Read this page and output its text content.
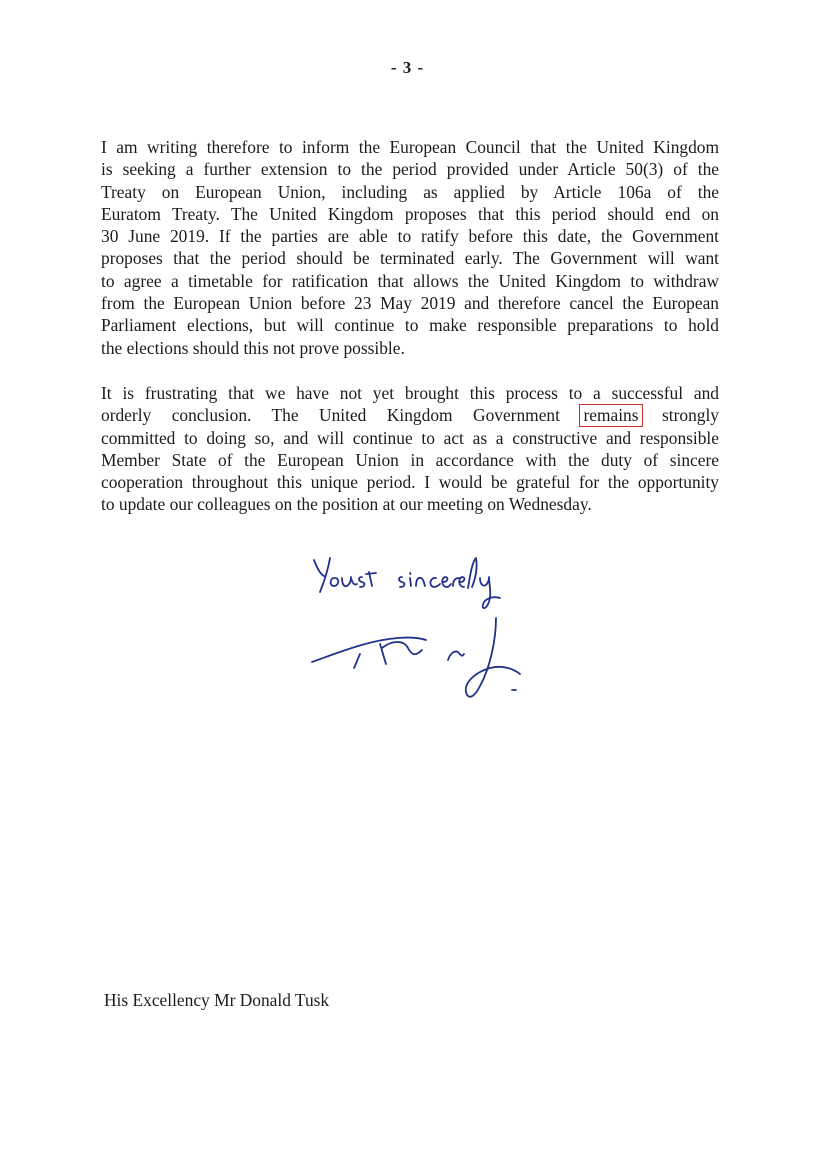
- 3 -

I am writing therefore to inform the European Council that the United Kingdom
is seeking a further extension to the period provided under Article 50(3) of the
Treaty on European Union, including as applied by Article 106a of the
Euratom Treaty. The United Kingdom proposes that this period should end on
30 June 2019. If the parties are able to ratify before this date, the Government
proposes that the period should be terminated early. The Government will want
to agree a timetable for ratification that allows the United Kingdom to withdraw
from the European Union before 23 May 2019 and therefore cancel the European
Parliament elections, but will continue to make responsible preparations to hold
the elections should this not prove possible.

It is frustrating that we have not yet brought this process to a successful and
orderly conclusion. The United Kingdom Government remains strongly
committed to doing so, and will continue to act as a constructive and responsible
Member State of the European Union in accordance with the duty of sincere
cooperation throughout this unique period. I would be grateful for the opportunity
to update our colleagues on the position at our meeting on Wednesday.

His Excellency Mr Donald Tusk
